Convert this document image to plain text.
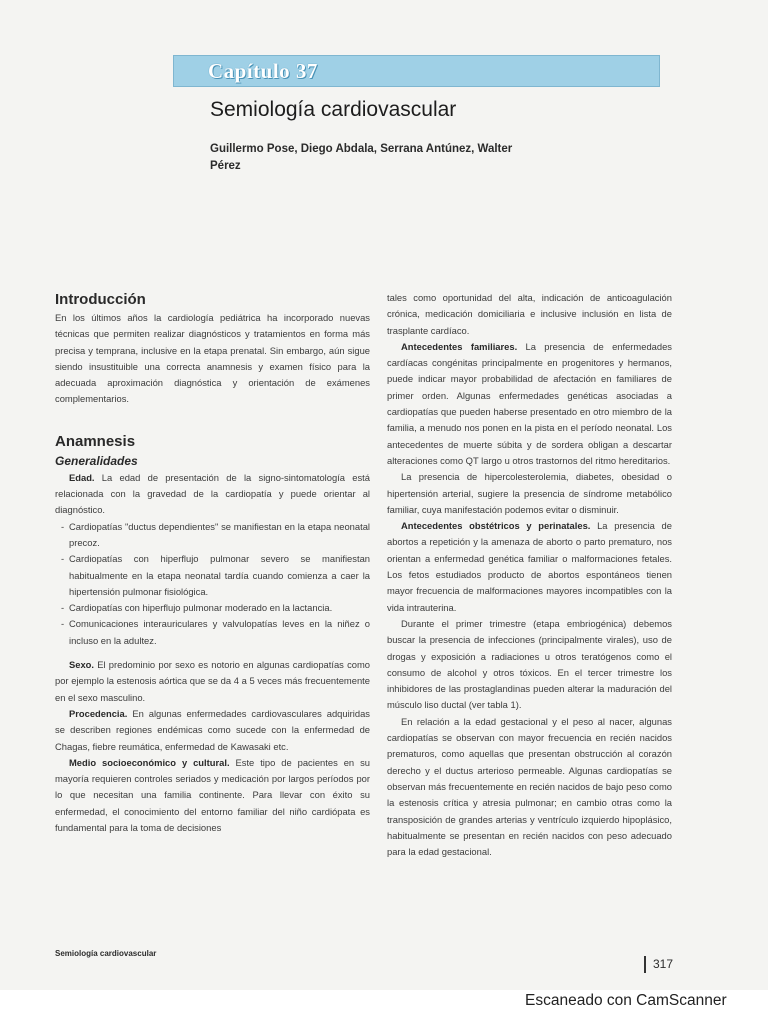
Capítulo 37
Semiología cardiovascular

Guillermo Pose, Diego Abdala, Serrana Antúnez, Walter Pérez

Introducción

En los últimos años la cardiología pediátrica ha incorporado nuevas técnicas que permiten realizar diagnósticos y tratamientos en forma más precisa y temprana, inclusive en la etapa prenatal. Sin embargo, aún sigue siendo insustituible una correcta anamnesis y examen físico para la adecuada aproximación diagnóstica y orientación de exámenes complementarios.

Anamnesis

Generalidades

Edad. La edad de presentación de la signo-sintomatología está relacionada con la gravedad de la cardiopatía y puede orientar al diagnóstico.

- Cardiopatías "ductus dependientes" se manifiestan en la etapa neonatal precoz.
- Cardiopatías con hiperflujo pulmonar severo se manifiestan habitualmente en la etapa neonatal tardía cuando comienza a caer la hipertensión pulmonar fisiológica.
- Cardiopatías con hiperflujo pulmonar moderado en la lactancia.
- Comunicaciones interauriculares y valvulopatías leves en la niñez o incluso en la adultez.

Sexo. El predominio por sexo es notorio en algunas cardiopatías como por ejemplo la estenosis aórtica que se da 4 a 5 veces más frecuentemente en el sexo masculino.

Procedencia. En algunas enfermedades cardiovasculares adquiridas se describen regiones endémicas como sucede con la enfermedad de Chagas, fiebre reumática, enfermedad de Kawasaki etc.

Medio socioeconómico y cultural. Este tipo de pacientes en su mayoría requieren controles seriados y medicación por largos períodos por lo que necesitan una familia continente. Para llevar con éxito su enfermedad, el conocimiento del entorno familiar del niño cardiópata es fundamental para la toma de decisiones

tales como oportunidad del alta, indicación de anticoagulación crónica, medicación domiciliaria e inclusive inclusión en lista de trasplante cardíaco.

Antecedentes familiares. La presencia de enfermedades cardíacas congénitas principalmente en progenitores y hermanos, puede indicar mayor probabilidad de afectación en familiares de primer orden. Algunas enfermedades genéticas asociadas a cardiopatías que pueden haberse presentado en otro miembro de la familia, a menudo nos ponen en la pista en el período neonatal. Los antecedentes de muerte súbita y de sordera obligan a descartar alteraciones como QT largo u otros trastornos del ritmo hereditarios.

La presencia de hipercolesterolemia, diabetes, obesidad o hipertensión arterial, sugiere la presencia de síndrome metabólico familiar, cuya manifestación podemos evitar o disminuir.

Antecedentes obstétricos y perinatales. La presencia de abortos a repetición y la amenaza de aborto o parto prematuro, nos orientan a enfermedad genética familiar o malformaciones fetales. Los fetos estudiados producto de abortos espontáneos tienen mayor frecuencia de malformaciones mayores incompatibles con la vida intrauterina.

Durante el primer trimestre (etapa embriogénica) debemos buscar la presencia de infecciones (principalmente virales), uso de drogas y exposición a radiaciones u otros teratógenos como el consumo de alcohol y otros tóxicos. En el tercer trimestre los inhibidores de las prostaglandinas pueden alterar la maduración del músculo liso ductal (ver tabla 1).

En relación a la edad gestacional y el peso al nacer, algunas cardiopatías se observan con mayor frecuencia en recién nacidos prematuros, como aquellas que presentan obstrucción al corazón derecho y el ductus arterioso permeable. Algunas cardiopatías se observan más frecuentemente en recién nacidos de bajo peso como la estenosis crítica y atresia pulmonar; en cambio otras como la transposición de grandes arterias y ventrículo izquierdo hipoplásico, habitualmente se presentan en recién nacidos con peso adecuado para la edad gestacional.

Semiología cardiovascular
317
Escaneado con CamScanner
